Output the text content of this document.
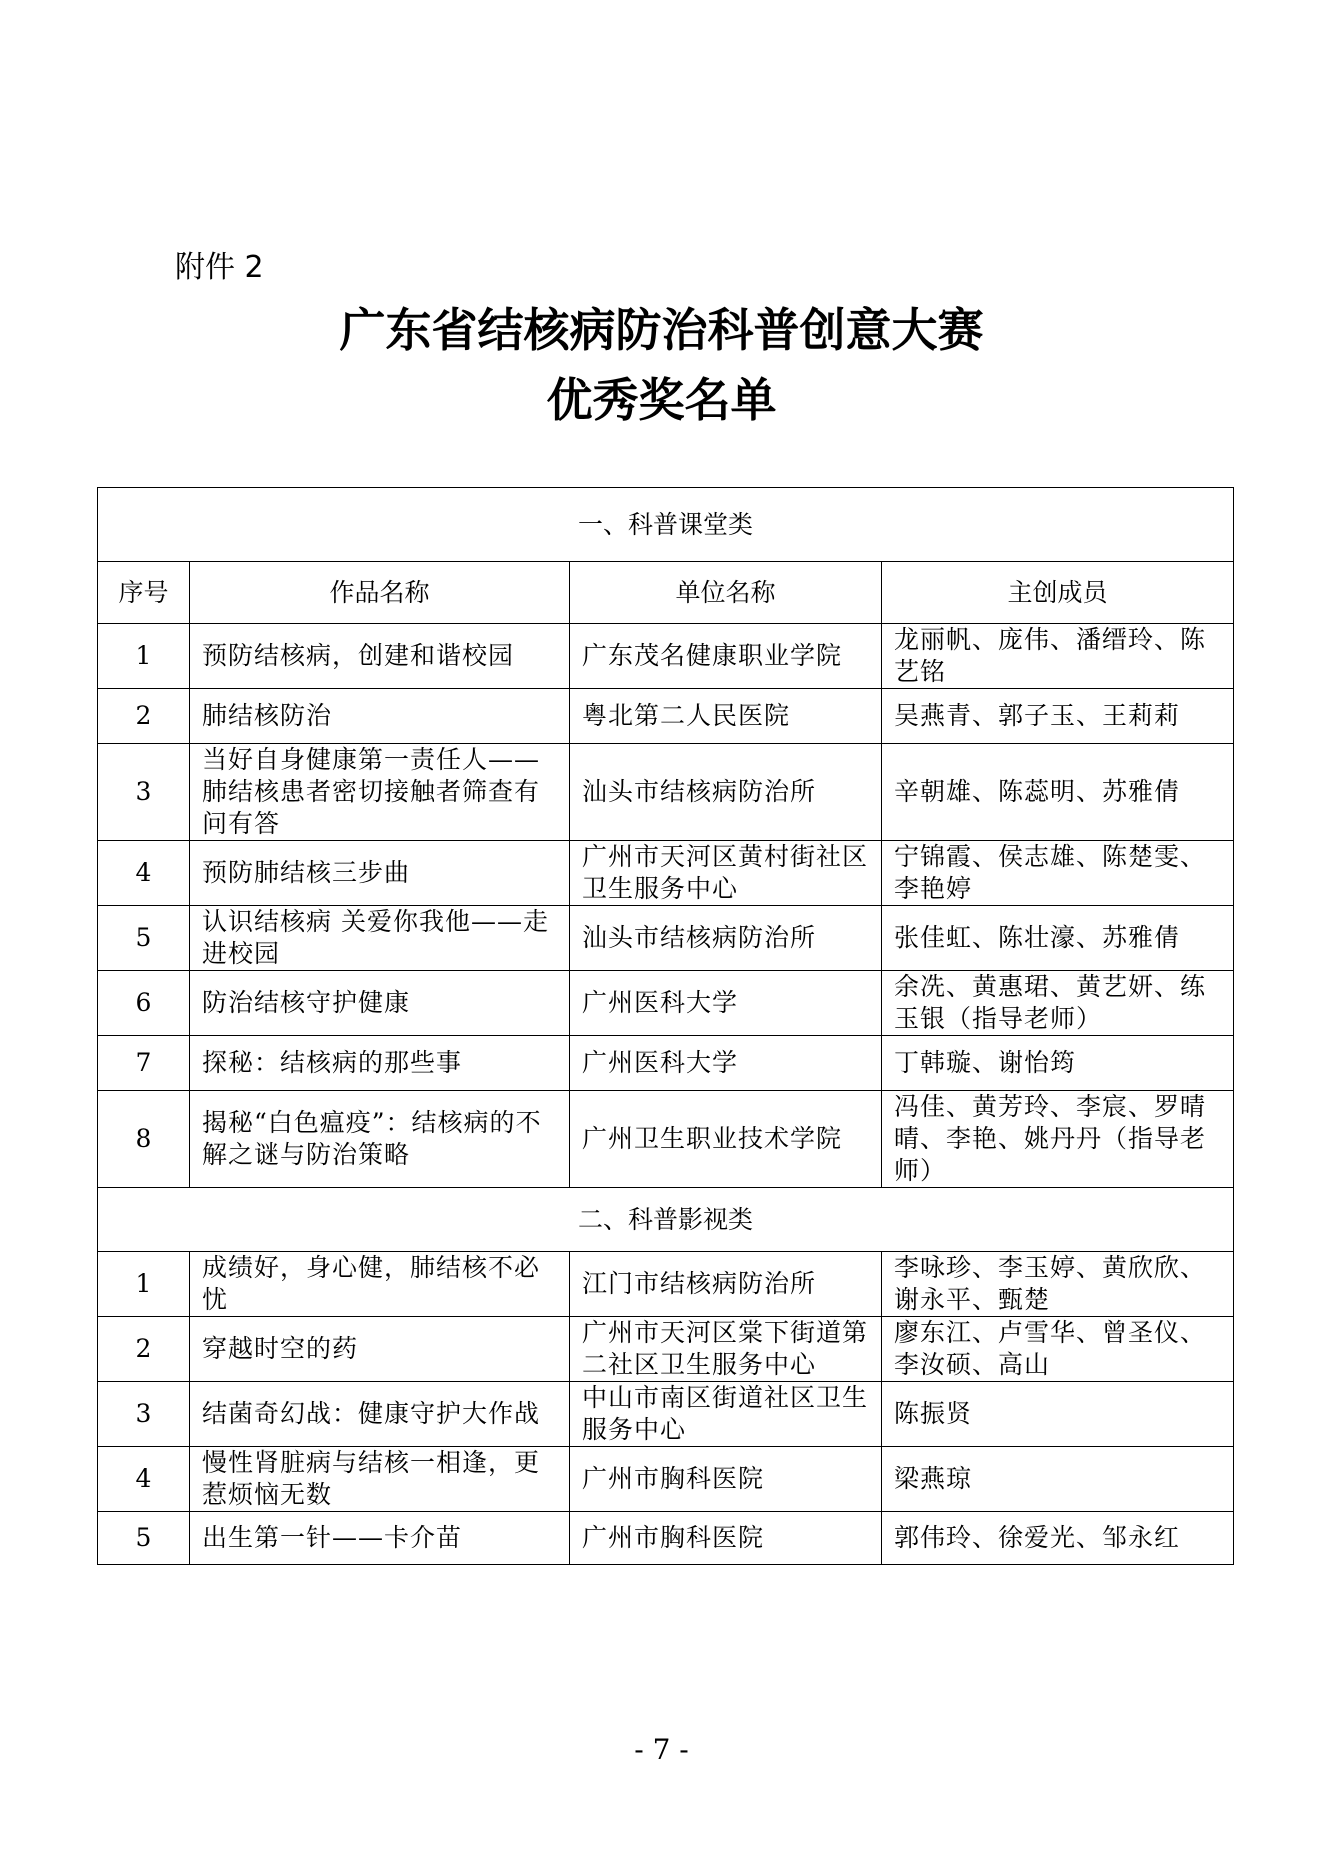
附件 2
广东省结核病防治科普创意大赛
优秀奖名单
一、科普课堂类			
序号	作品名称	单位名称	主创成员
1	预防结核病，创建和谐校园	广东茂名健康职业学院	龙丽帆、庞伟、潘缙玲、陈艺铭
2	肺结核防治	粤北第二人民医院	吴燕青、郭子玉、王莉莉
3	当好自身健康第一责任人——肺结核患者密切接触者筛查有问有答	汕头市结核病防治所	辛朝雄、陈蕊明、苏雅倩
4	预防肺结核三步曲	广州市天河区黄村街社区卫生服务中心	宁锦霞、侯志雄、陈楚雯、李艳婷
5	认识结核病 关爱你我他——走进校园	汕头市结核病防治所	张佳虹、陈壮濠、苏雅倩
6	防治结核守护健康	广州医科大学	余冼、黄惠珺、黄艺妍、练玉银（指导老师）
7	探秘：结核病的那些事	广州医科大学	丁韩璇、谢怡筠
8	揭秘“白色瘟疫”：结核病的不解之谜与防治策略	广州卫生职业技术学院	冯佳、黄芳玲、李宸、罗晴晴、李艳、姚丹丹（指导老师）
二、科普影视类			
1	成绩好，身心健，肺结核不必忧	江门市结核病防治所	李咏珍、李玉婷、黄欣欣、谢永平、甄楚
2	穿越时空的药	广州市天河区棠下街道第二社区卫生服务中心	廖东江、卢雪华、曾圣仪、李汝硕、高山
3	结菌奇幻战：健康守护大作战	中山市南区街道社区卫生服务中心	陈振贤
4	慢性肾脏病与结核一相逢，更惹烦恼无数	广州市胸科医院	梁燕琼
5	出生第一针——卡介苗	广州市胸科医院	郭伟玲、徐爱光、邹永红
- 7 -
